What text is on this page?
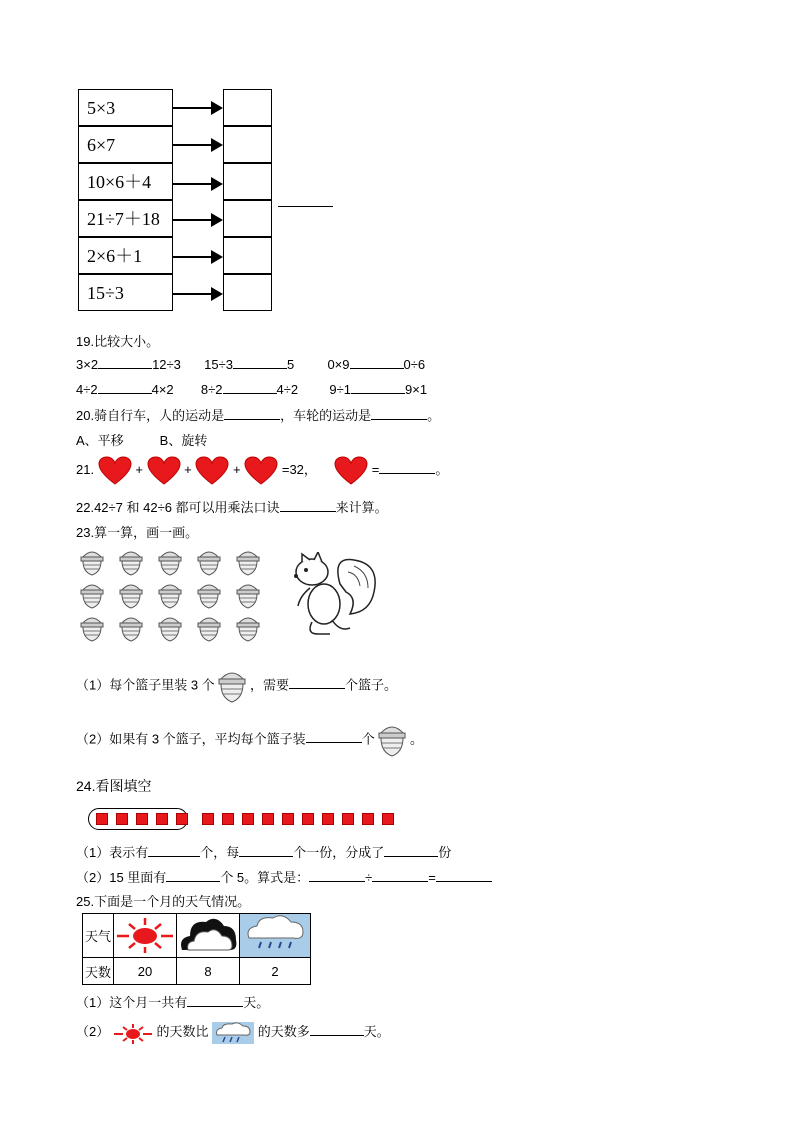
5×3
6×7
10×6＋4
21÷7＋18
2×6＋1
15÷3
19.比较大小。
3×2	12÷3 15÷3	5	0×9	0÷6
4÷2	4×2 8÷2	4÷2 9÷1	9×1
20.骑自行车，人的运动是	，车轮的运动是	。
A、平移	B、旋转
21.	+	+	+	=32，	=	。
22.42÷7 和 42÷6 都可以用乘法口诀	来计算。
23.算一算，画一画。
（1）每个篮子里装 3 个	，需要	个篮子。
（2）如果有 3 个篮子，平均每个篮子装	个	。
24.看图填空
（1）表示有	个，每	个一份，分成了	份
（2）15 里面有	个 5。算式是：	÷	=
25.下面是一个月的天气情况。
天气			
天数	20	8	2
（1）这个月一共有	天。
（2）	的天数比	的天数多	天。
